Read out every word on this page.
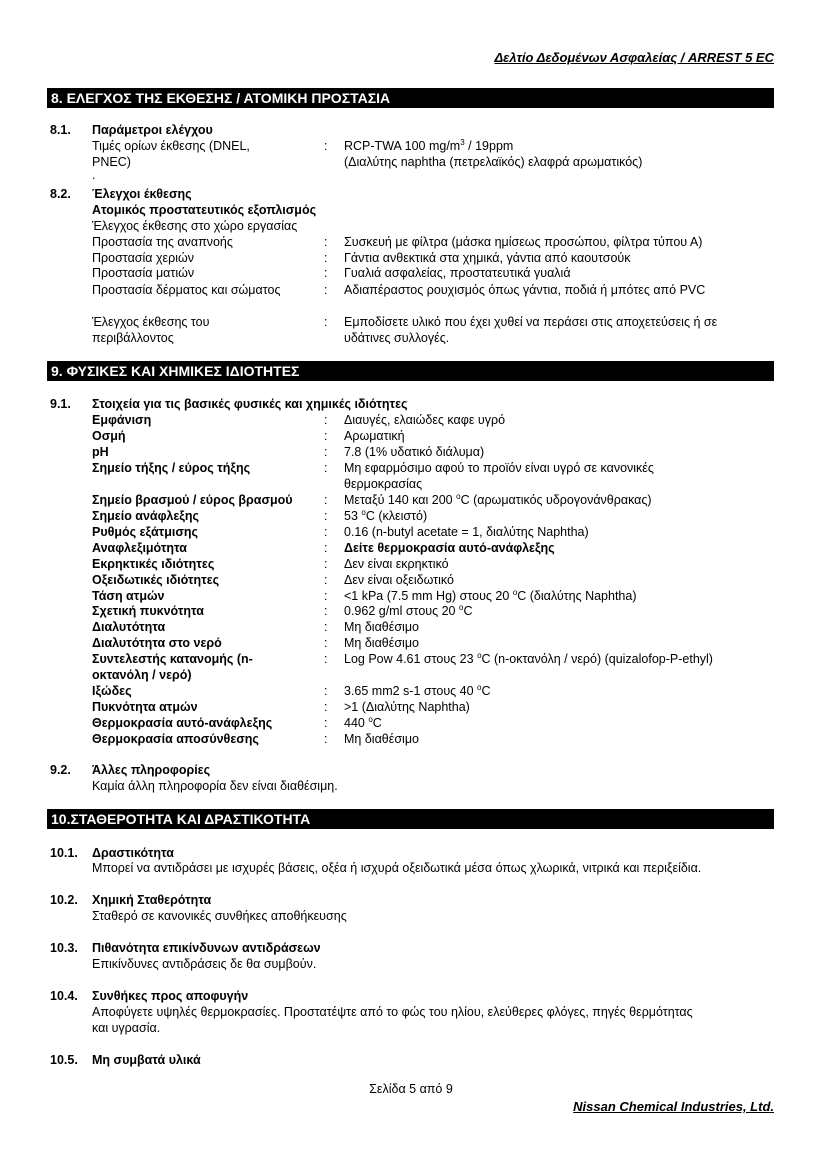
Δελτίο Δεδομένων Ασφαλείας / ARREST 5 EC
8. ΕΛΕΓΧΟΣ ΤΗΣ ΕΚΘΕΣΗΣ / ΑΤΟΜΙΚΗ ΠΡΟΣΤΑΣΙΑ
8.1. Παράμετροι ελέγχου
Τιμές ορίων έκθεσης (DNEL,
PNEC)
: RCP-TWA 100 $mg/m^3 / 19ppm$
(Διαλύτης naphtha (πετρελαϊκός) ελαφρά αρωματικός)
.
8.2. Έλεγχοι έκθεσης
Ατομικός προστατευτικός εξοπλισμός
Έλεγχος έκθεσης στο χώρο εργασίας
Προστασία της αναπνοής	: Συσκευή με φίλτρα (μάσκα ημίσεως προσώπου, φίλτρα τύπου Α)
Προστασία χεριών	: Γάντια ανθεκτικά στα χημικά, γάντια από καουτσούκ
Προστασία ματιών	: Γυαλιά ασφαλείας, προστατευτικά γυαλιά
Προστασία δέρματος και σώματος	: Αδιαπέραστος ρουχισμός όπως γάντια, ποδιά ή μπότες από PVC
Έλεγχος έκθεσης του
περιβάλλοντος
: Εμποδίσετε υλικό που έχει χυθεί να περάσει στις αποχετεύσεις ή σε
υδάτινες συλλογές.
9. ΦΥΣΙΚΕΣ ΚΑΙ ΧΗΜΙΚΕΣ ΙΔΙΟΤΗΤΕΣ
9.1. Στοιχεία για τις βασικές φυσικές και χημικές ιδιότητες
Εμφάνιση	: Διαυγές, ελαιώδες καφε υγρό
Οσμή	: Αρωματική
pH	: 7.8 (1% υδατικό διάλυμα)
Σημείο τήξης / εύρος τήξης	: Μη εφαρμόσιμο αφού το προϊόν είναι υγρό σε κανονικές
θερμοκρασίας
Σημείο βρασμού / εύρος βρασμού	: Μεταξύ 140 και 200 $^o$C (αρωματικός υδρογονάνθρακας)
Σημείο ανάφλεξης	: 53 $^o$C (κλειστό)
Ρυθμός εξάτμισης	: 0.16 (n-butyl acetate = 1, διαλύτης Naphtha)
Αναφλεξιμότητα	: Δείτε θερμοκρασία αυτό-ανάφλεξης
Εκρηκτικές ιδιότητες	: Δεν είναι εκρηκτικό
Οξειδωτικές ιδιότητες	: Δεν είναι οξειδωτικό
Τάση ατμών	: <1 kPa (7.5 mm Hg) στους 20 $^o$C (διαλύτης Naphtha)
Σχετική πυκνότητα	: 0.962 g/ml στους 20 $^o$C
Διαλυτότητα	: Μη διαθέσιμο
Διαλυτότητα στο νερό	: Μη διαθέσιμο
Συντελεστής κατανομής (n-
οκτανόλη / νερό)
: Log Pow 4.61 στους 23 $^o$C (n-οκτανόλη / νερό) (quizalofop-P-ethyl)
Ιξώδες	: 3.65 mm2 s-1 στους 40 $^o$C
Πυκνότητα ατμών	: >1 (Διαλύτης Naphtha)
Θερμοκρασία αυτό-ανάφλεξης	: 440 $^o$C
Θερμοκρασία αποσύνθεσης	: Μη διαθέσιμο
9.2. Άλλες πληροφορίες
Καμία άλλη πληροφορία δεν είναι διαθέσιμη.
10.ΣΤΑΘΕΡΟΤΗΤΑ ΚΑΙ ΔΡΑΣΤΙΚΟΤΗΤΑ
10.1. Δραστικότητα
Μπορεί να αντιδράσει με ισχυρές βάσεις, οξέα ή ισχυρά οξειδωτικά μέσα όπως χλωρικά, νιτρικά και περιξείδια.
10.2. Χημική Σταθερότητα
Σταθερό σε κανονικές συνθήκες αποθήκευσης
10.3. Πιθανότητα επικίνδυνων αντιδράσεων
Επικίνδυνες αντιδράσεις δε θα συμβούν.
10.4. Συνθήκες προς αποφυγήν
Αποφύγετε υψηλές θερμοκρασίες. Προστατέψτε από το φώς του ηλίου, ελεύθερες φλόγες, πηγές θερμότητας
και υγρασία.
10.5. Μη συμβατά υλικά
Σελίδα 5 από 9
Nissan Chemical Industries, Ltd.
